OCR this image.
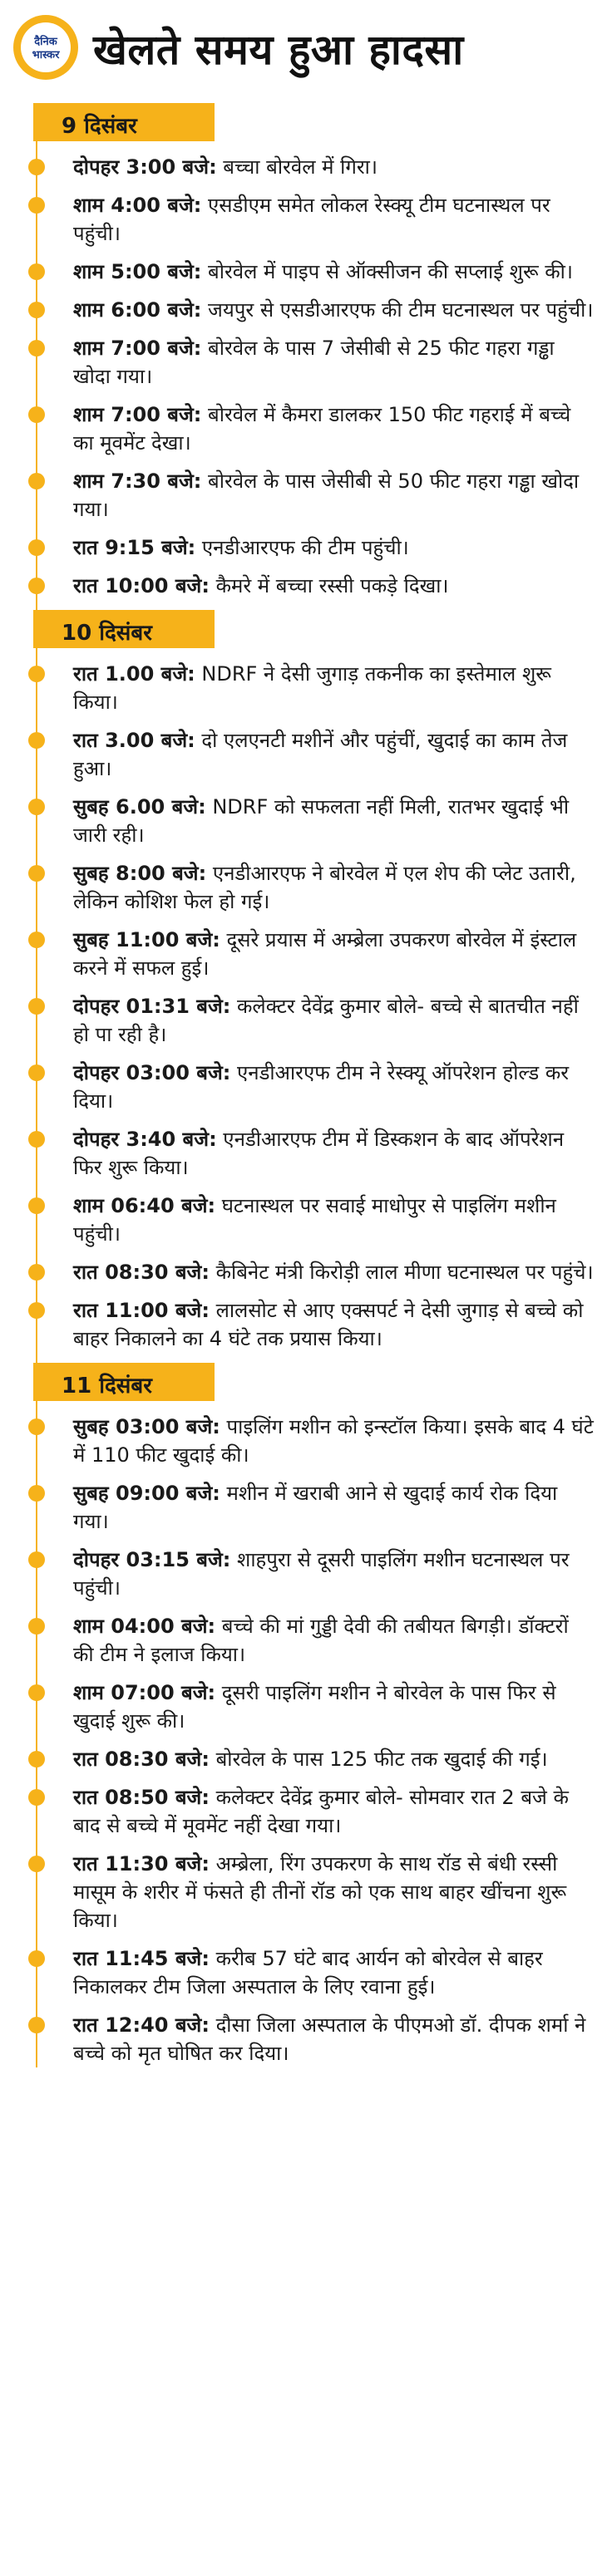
दैनिक
भास्कर खेलते समय हुआ हादसा
9 दिसंबर
दोपहर 3:00 बजे: बच्चा बोरवेल में गिरा।
शाम 4:00 बजे: एसडीएम समेत लोकल रेस्क्यू टीम घटनास्थल पर पहुंची।
शाम 5:00 बजे: बोरवेल में पाइप से ऑक्सीजन की सप्लाई शुरू की।
शाम 6:00 बजे: जयपुर से एसडीआरएफ की टीम घटनास्थल पर पहुंची।
शाम 7:00 बजे: बोरवेल के पास 7 जेसीबी से 25 फीट गहरा गड्ढा खोदा गया।
शाम 7:00 बजे: बोरवेल में कैमरा डालकर 150 फीट गहराई में बच्चे का मूवमेंट देखा।
शाम 7:30 बजे: बोरवेल के पास जेसीबी से 50 फीट गहरा गड्ढा खोदा गया।
रात 9:15 बजे: एनडीआरएफ की टीम पहुंची।
रात 10:00 बजे: कैमरे में बच्चा रस्सी पकड़े दिखा।
10 दिसंबर
रात 1.00 बजे: NDRF ने देसी जुगाड़ तकनीक का इस्तेमाल शुरू किया।
रात 3.00 बजे: दो एलएनटी मशीनें और पहुंचीं, खुदाई का काम तेज हुआ।
सुबह 6.00 बजे: NDRF को सफलता नहीं मिली, रातभर खुदाई भी जारी रही।
सुबह 8:00 बजे: एनडीआरएफ ने बोरवेल में एल शेप की प्लेट उतारी, लेकिन कोशिश फेल हो गई।
सुबह 11:00 बजे: दूसरे प्रयास में अम्ब्रेला उपकरण बोरवेल में इंस्टाल करने में सफल हुई।
दोपहर 01:31 बजे: कलेक्टर देवेंद्र कुमार बोले- बच्चे से बातचीत नहीं हो पा रही है।
दोपहर 03:00 बजे: एनडीआरएफ टीम ने रेस्क्यू ऑपरेशन होल्ड कर दिया।
दोपहर 3:40 बजे: एनडीआरएफ टीम में डिस्कशन के बाद ऑपरेशन फिर शुरू किया।
शाम 06:40 बजे: घटनास्थल पर सवाई माधोपुर से पाइलिंग मशीन पहुंची।
रात 08:30 बजे: कैबिनेट मंत्री किरोड़ी लाल मीणा घटनास्थल पर पहुंचे।
रात 11:00 बजे: लालसोट से आए एक्सपर्ट ने देसी जुगाड़ से बच्चे को बाहर निकालने का 4 घंटे तक प्रयास किया।
11 दिसंबर
सुबह 03:00 बजे: पाइलिंग मशीन को इन्स्टॉल किया। इसके बाद 4 घंटे में 110 फीट खुदाई की।
सुबह 09:00 बजे: मशीन में खराबी आने से खुदाई कार्य रोक दिया गया।
दोपहर 03:15 बजे: शाहपुरा से दूसरी पाइलिंग मशीन घटनास्थल पर पहुंची।
शाम 04:00 बजे: बच्चे की मां गुड्डी देवी की तबीयत बिगड़ी। डॉक्टरों की टीम ने इलाज किया।
शाम 07:00 बजे: दूसरी पाइलिंग मशीन ने बोरवेल के पास फिर से खुदाई शुरू की।
रात 08:30 बजे: बोरवेल के पास 125 फीट तक खुदाई की गई।
रात 08:50 बजे: कलेक्टर देवेंद्र कुमार बोले- सोमवार रात 2 बजे के बाद से बच्चे में मूवमेंट नहीं देखा गया।
रात 11:30 बजे: अम्ब्रेला, रिंग उपकरण के साथ रॉड से बंधी रस्सी मासूम के शरीर में फंसते ही तीनों रॉड को एक साथ बाहर खींचना शुरू किया।
रात 11:45 बजे: करीब 57 घंटे बाद आर्यन को बोरवेल से बाहर निकालकर टीम जिला अस्पताल के लिए रवाना हुई।
रात 12:40 बजे: दौसा जिला अस्पताल के पीएमओ डॉ. दीपक शर्मा ने बच्चे को मृत घोषित कर दिया।
